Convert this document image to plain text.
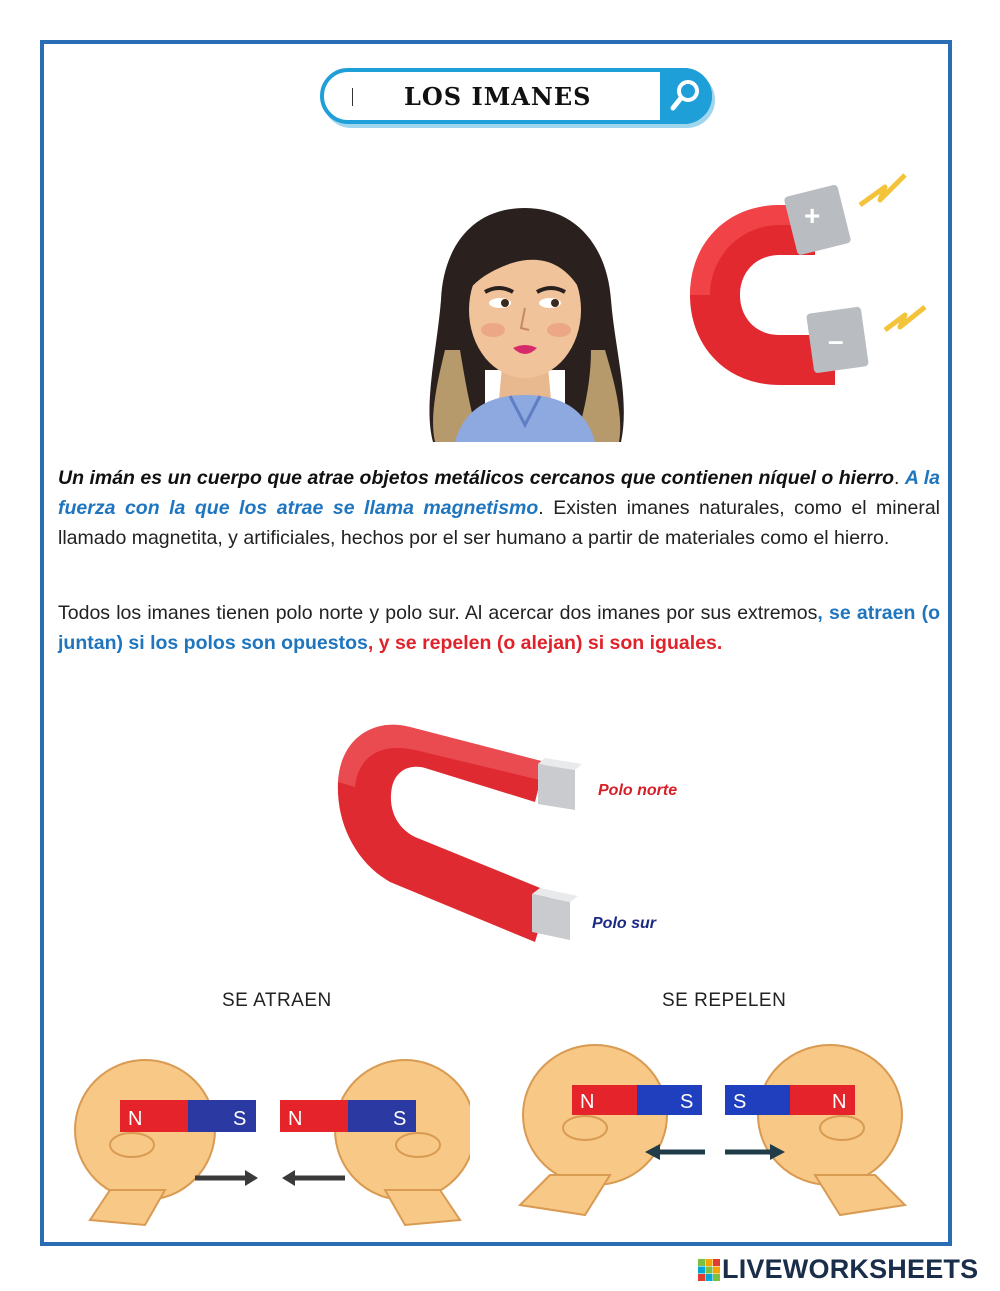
LOS IMANES
+
–

Un imán es un cuerpo que atrae objetos metálicos cercanos que contienen níquel o hierro. A la fuerza con la que los atrae se llama magnetismo. Existen imanes naturales, como el mineral llamado magnetita, y artificiales, hechos por el ser humano a partir de materiales como el hierro.

Todos los imanes tienen polo norte y polo sur. Al acercar dos imanes por sus extremos, se atraen (o juntan) si los polos son opuestos, y se repelen (o alejan) si son iguales.

Polo norte
Polo sur
SE ATRAEN	SE REPELEN
N	S N	S
N	S S	N
LIVEWORKSHEETS
